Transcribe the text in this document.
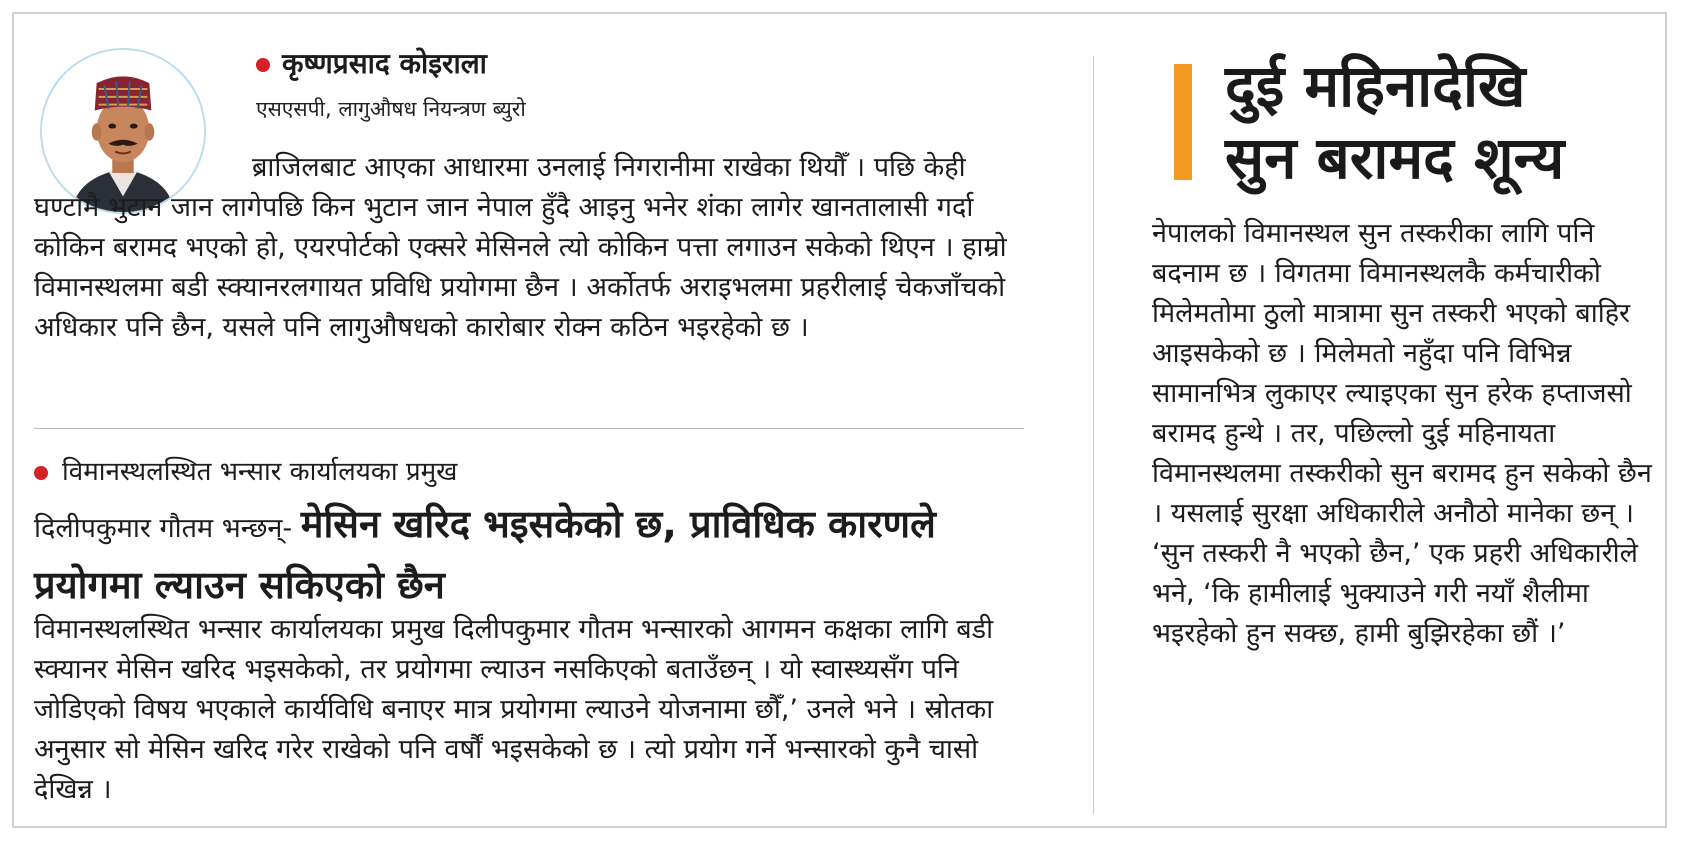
कृष्णप्रसाद कोइराला
एसएसपी, लागुऔषध नियन्त्रण ब्युरो

ब्राजिलबाट आएका आधारमा उनलाई निगरानीमा राखेका थियौँ । पछि केही घण्टामै भुटान जान लागेपछि किन भुटान जान नेपाल हुँदै आइनु भनेर शंका लागेर खानतालासी गर्दा कोकिन बरामद भएको हो, एयरपोर्टको एक्सरे मेसिनले त्यो कोकिन पत्ता लगाउन सकेको थिएन । हाम्रो विमानस्थलमा बडी स्क्यानरलगायत प्रविधि प्रयोगमा छैन । अर्कोतर्फ अराइभलमा प्रहरीलाई चेकजाँचको अधिकार पनि छैन, यसले पनि लागुऔषधको कारोबार रोक्न कठिन भइरहेको छ ।

विमानस्थलस्थित भन्सार कार्यालयका प्रमुख
दिलीपकुमार गौतम भन्छन्- मेसिन खरिद भइसकेको छ, प्राविधिक कारणले प्रयोगमा ल्याउन सकिएको छैन

विमानस्थलस्थित भन्सार कार्यालयका प्रमुख दिलीपकुमार गौतम भन्सारको आगमन कक्षका लागि बडी स्क्यानर मेसिन खरिद भइसकेको, तर प्रयोगमा ल्याउन नसकिएको बताउँछन् । यो स्वास्थ्यसँग पनि जोडिएको विषय भएकाले कार्यविधि बनाएर मात्र प्रयोगमा ल्याउने योजनामा छौँ,’ उनले भने । स्रोतका अनुसार सो मेसिन खरिद गरेर राखेको पनि वर्षौं भइसकेको छ । त्यो प्रयोग गर्ने भन्सारको कुनै चासो देखिन्न ।

दुई महिनादेखि
सुन बरामद शून्य

नेपालको विमानस्थल सुन तस्करीका लागि पनि बदनाम छ । विगतमा विमानस्थलकै कर्मचारीको मिलेमतोमा ठुलो मात्रामा सुन तस्करी भएको बाहिर आइसकेको छ । मिलेमतो नहुँदा पनि विभिन्न सामानभित्र लुकाएर ल्याइएका सुन हरेक हप्ताजसो बरामद हुन्थे । तर, पछिल्लो दुई महिनायता विमानस्थलमा तस्करीको सुन बरामद हुन सकेको छैन । यसलाई सुरक्षा अधिकारीले अनौठो मानेका छन् । ‘सुन तस्करी नै भएको छैन,’ एक प्रहरी अधिकारीले भने, ‘कि हामीलाई भुक्याउने गरी नयाँ शैलीमा भइरहेको हुन सक्छ, हामी बुझिरहेका छौं ।’
